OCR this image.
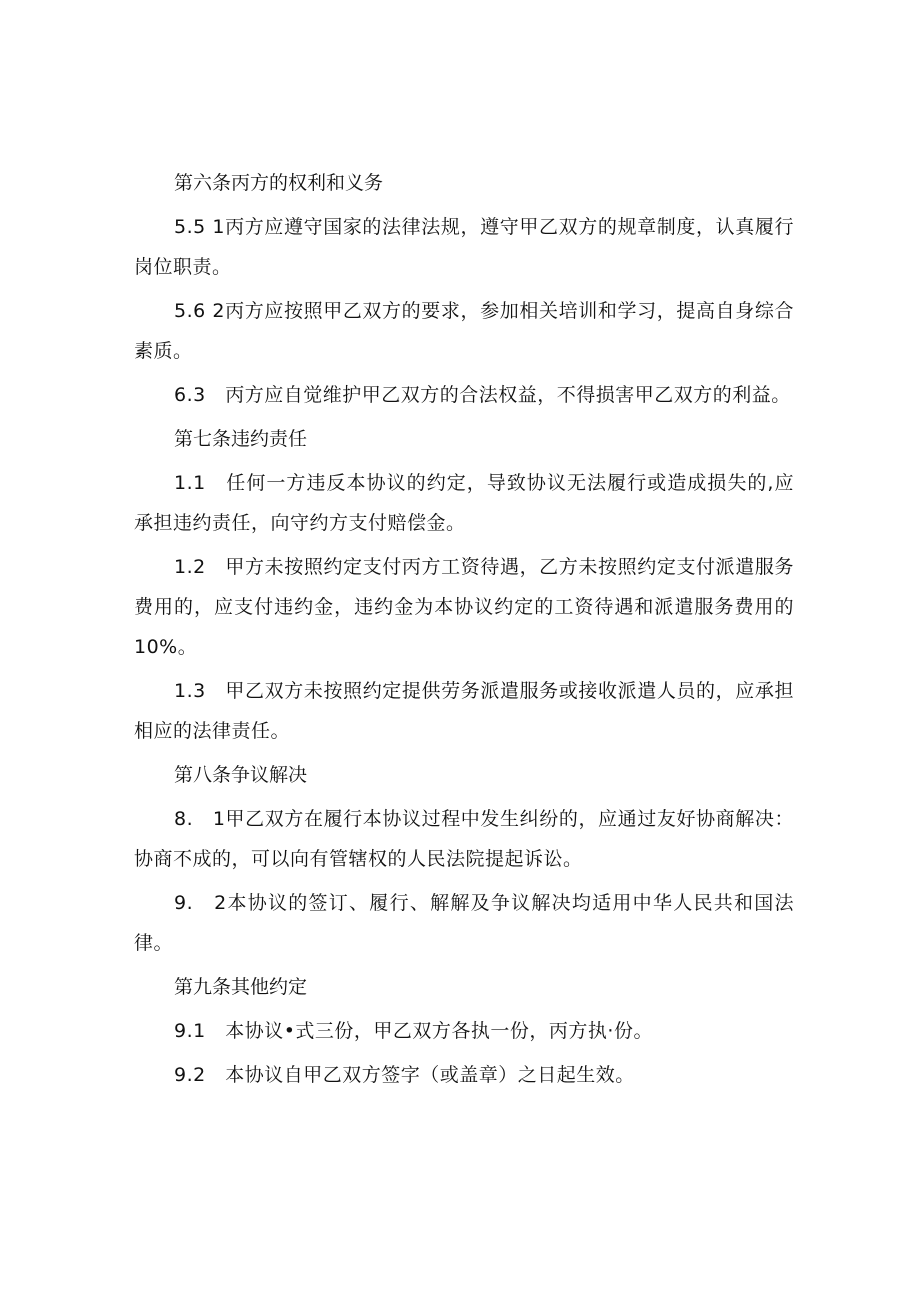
第六条丙方的权利和义务

5.5 1丙方应遵守国家的法律法规，遵守甲乙双方的规章制度，认真履行岗位职责。

5.6 2丙方应按照甲乙双方的要求，参加相关培训和学习，提高自身综合素质。

6.3　丙方应自觉维护甲乙双方的合法权益，不得损害甲乙双方的利益。

第七条违约责任

1.1　任何一方违反本协议的约定，导致协议无法履行或造成损失的,应承担违约责任，向守约方支付赔偿金。

1.2　甲方未按照约定支付丙方工资待遇，乙方未按照约定支付派遣服务费用的，应支付违约金，违约金为本协议约定的工资待遇和派遣服务费用的10%。

1.3　甲乙双方未按照约定提供劳务派遣服务或接收派遣人员的，应承担相应的法律责任。

第八条争议解决

8.　1甲乙双方在履行本协议过程中发生纠纷的，应通过友好协商解决：协商不成的，可以向有管辖权的人民法院提起诉讼。

9.　2本协议的签订、履行、解解及争议解决均适用中华人民共和国法律。

第九条其他约定

9.1　本协议•式三份，甲乙双方各执一份，丙方执·份。

9.2　本协议自甲乙双方签字（或盖章）之日起生效。
